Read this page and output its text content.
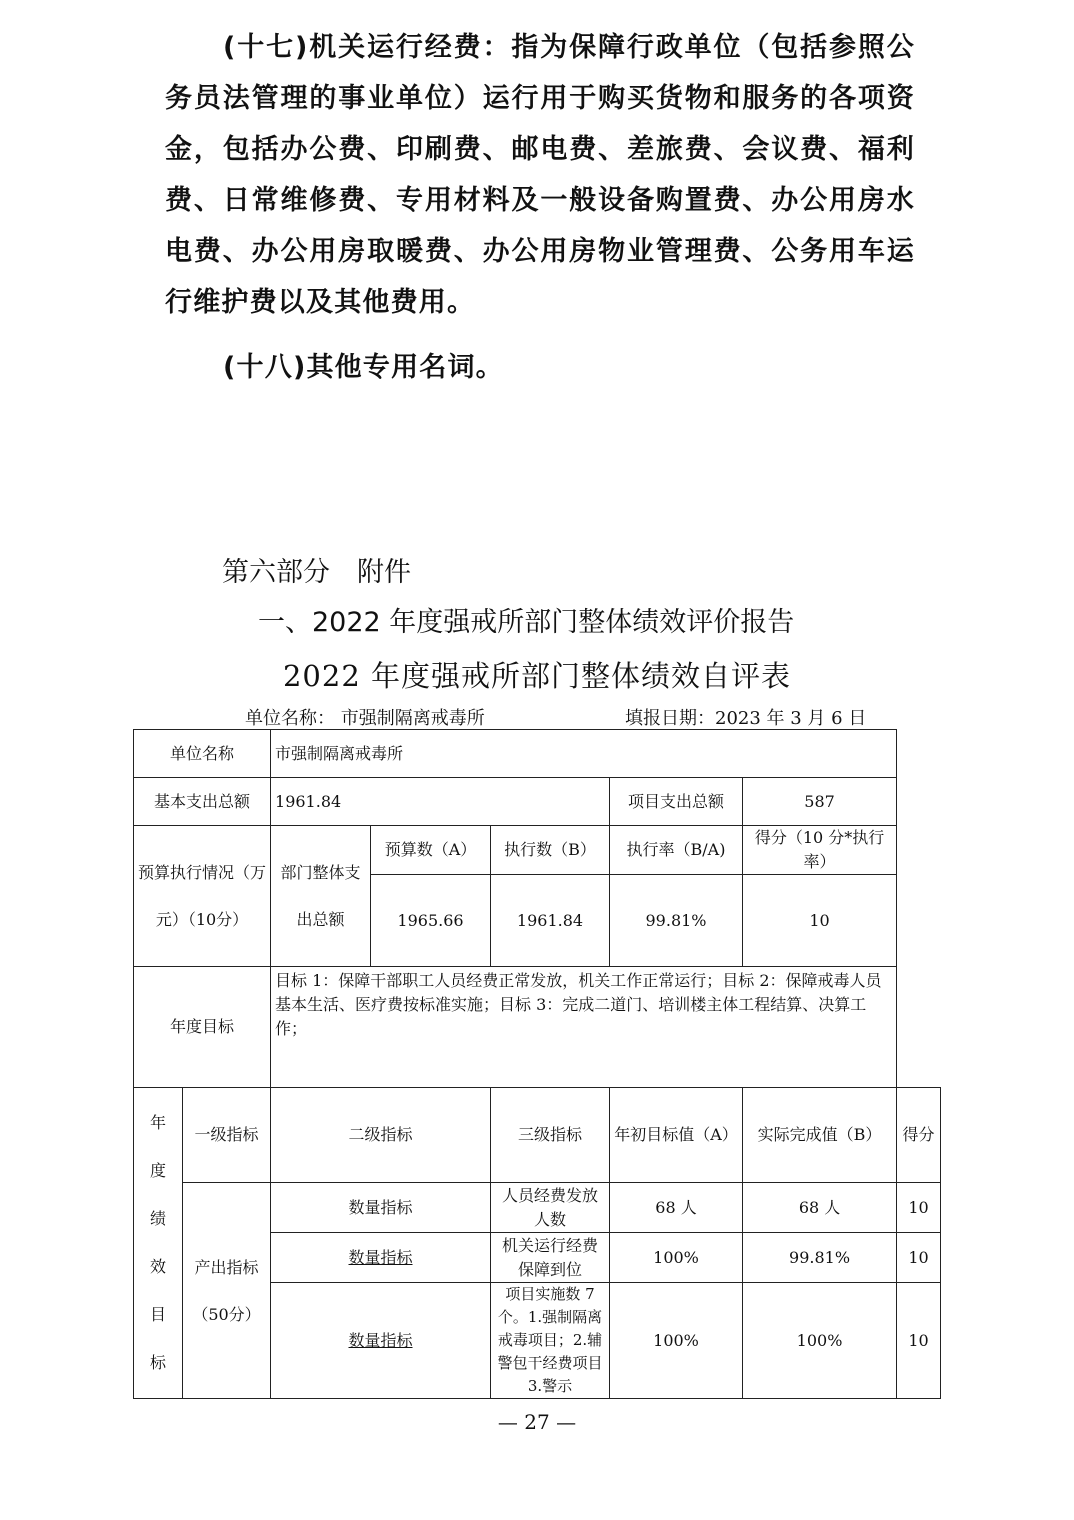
(十七)机关运行经费：指为保障行政单位（包括参照公务员法管理的事业单位）运行用于购买货物和服务的各项资金，包括办公费、印刷费、邮电费、差旅费、会议费、福利费、日常维修费、专用材料及一般设备购置费、办公用房水电费、办公用房取暖费、办公用房物业管理费、公务用车运行维护费以及其他费用。
(十八)其他专用名词。
第六部分　附件
一、2022 年度强戒所部门整体绩效评价报告
2022 年度强戒所部门整体绩效自评表
单位名称： 市强制隔离戒毒所	填报日期：2023 年 3 月 6 日
单位名称		市强制隔离戒毒所					
基本支出总额		1961.84			项目支出总额	587	
预算执行情况（万元）（10分）		部门整体支出总额	预算数（A）	执行数（B）	执行率（B/A)	得分（10 分*执行率）	
			1965.66	1961.84	99.81%	10	
年度目标		目标 1：保障干部职工人员经费正常发放，机关工作正常运行；目标 2：保障戒毒人员基本生活、医疗费按标准实施；目标 3：完成二道门、培训楼主体工程结算、决算工作；					
年度绩效目标	一级指标	二级指标		三级指标	年初目标值（A）	实际完成值（B）	得分
	产出指标（50分）	数量指标		人员经费发放人数	68 人	68 人	10
		数量指标		机关运行经费保障到位	100%	99.81%	10
		数量指标		项目实施数 7 个。1.强制隔离戒毒项目；2.辅警包干经费项目 3.警示	100%	100%	10
— 27 —
